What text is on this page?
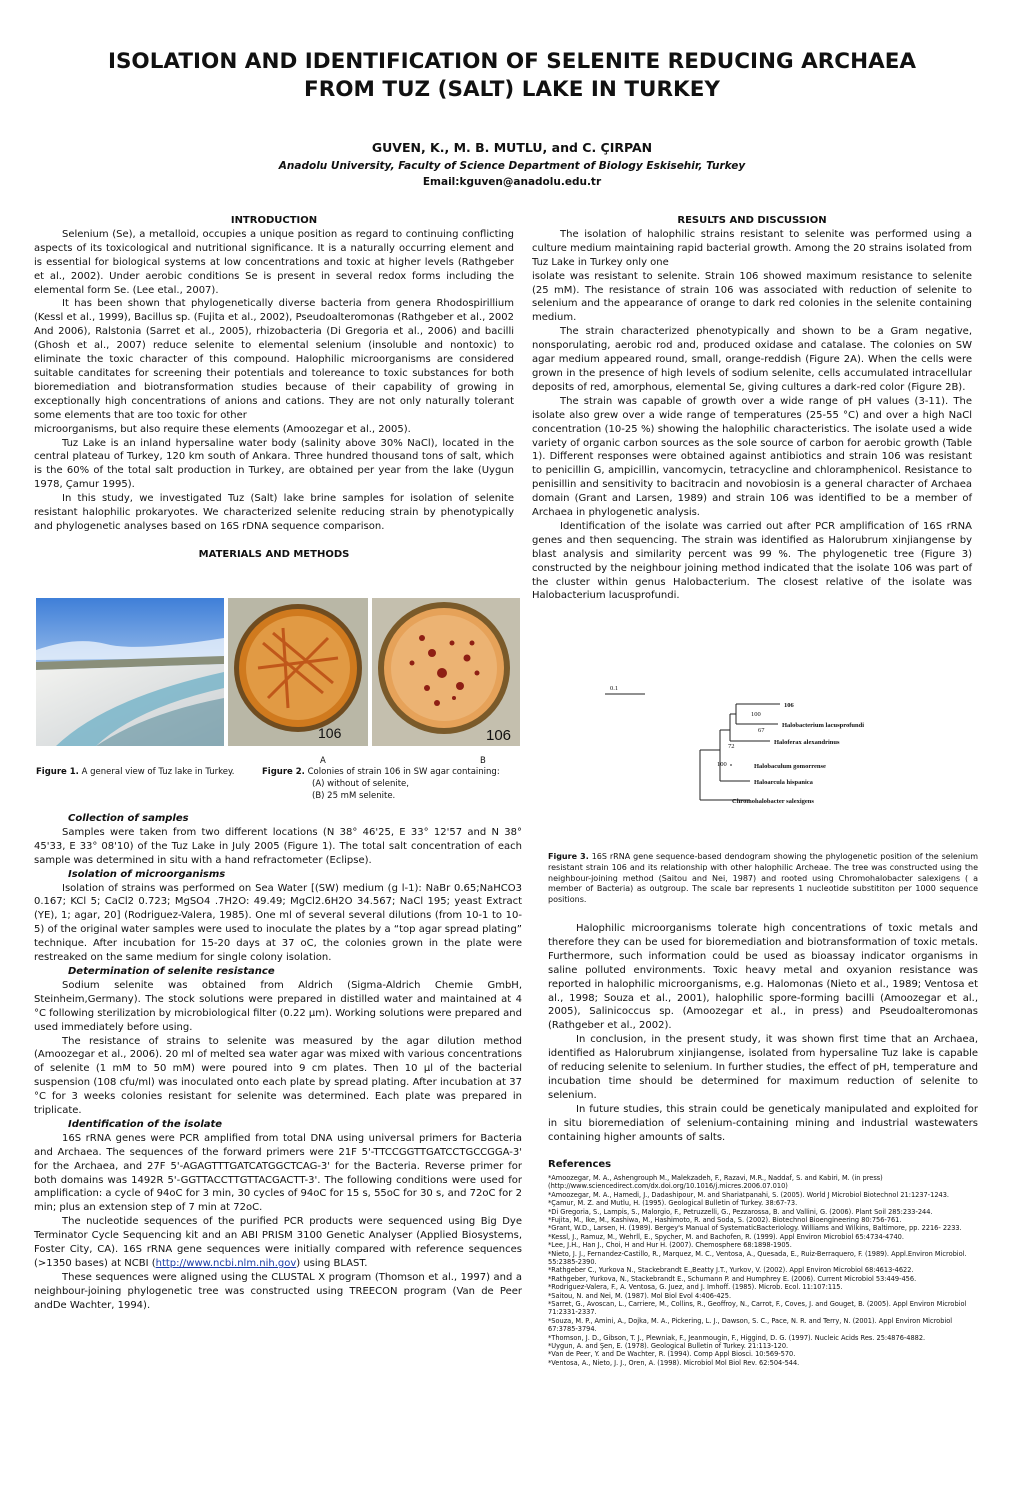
ISOLATION AND IDENTIFICATION OF SELENITE REDUCING ARCHAEA
FROM TUZ (SALT) LAKE IN TURKEY
GUVEN, K., M. B. MUTLU, and C. ÇIRPAN
Anadolu University, Faculty of Science Department of Biology Eskisehir, Turkey
Email:kguven@anadolu.edu.tr

INTRODUCTION

Selenium (Se), a metalloid, occupies a unique position as regard to continuing conflicting aspects of its toxicological and nutritional significance. It is a naturally occurring element and is essential for biological systems at low concentrations and toxic at higher levels (Rathgeber et al., 2002). Under aerobic conditions Se is present in several redox forms including the elemental form Se. (Lee etal., 2007).

It has been shown that phylogenetically diverse bacteria from genera Rhodospirillium (Kessl et al., 1999), Bacillus sp. (Fujita et al., 2002), Pseudoalteromonas (Rathgeber et al., 2002 And 2006), Ralstonia (Sarret et al., 2005), rhizobacteria (Di Gregoria et al., 2006) and bacilli (Ghosh et al., 2007) reduce selenite to elemental selenium (insoluble and nontoxic) to eliminate the toxic character of this compound. Halophilic microorganisms are considered suitable canditates for screening their potentials and tolereance to toxic substances for both bioremediation and biotransformation studies because of their capability of growing in exceptionally high concentrations of anions and cations. They are not only naturally tolerant some elements that are too toxic for other

microorganisms, but also require these elements (Amoozegar et al., 2005).

Tuz Lake is an inland hypersaline water body (salinity above 30% NaCl), located in the central plateau of Turkey, 120 km south of Ankara. Three hundred thousand tons of salt, which is the 60% of the total salt production in Turkey, are obtained per year from the lake (Uygun 1978, Çamur 1995).

In this study, we investigated Tuz (Salt) lake brine samples for isolation of selenite resistant halophilic prokaryotes. We characterized selenite reducing strain by phenotypically and phylogenetic analyses based on 16S rDNA sequence comparison.

MATERIALS AND METHODS

106	106
A	B
Figure 1. A general view of Tuz lake in Turkey.	Figure 2. Colonies of strain 106 in SW agar containing:
(A) without of selenite,
(B) 25 mM selenite.

Collection of samples

Samples were taken from two different locations (N 38° 46'25, E 33° 12'57 and N 38° 45'33, E 33° 08'10) of the Tuz Lake in July 2005 (Figure 1). The total salt concentration of each sample was determined in situ with a hand refractometer (Eclipse).

Isolation of microorganisms

Isolation of strains was performed on Sea Water [(SW) medium (g l-1): NaBr 0.65;NaHCO3 0.167; KCl 5; CaCl2 0.723; MgSO4 .7H2O: 49.49; MgCl2.6H2O 34.567; NaCl 195; yeast Extract (YE), 1; agar, 20] (Rodriguez-Valera, 1985). One ml of several several dilutions (from 10-1 to 10-5) of the original water samples were used to inoculate the plates by a “top agar spread plating” technique. After incubation for 15-20 days at 37 oC, the colonies grown in the plate were restreaked on the same medium for single colony isolation.

Determination of selenite resistance

Sodium selenite was obtained from Aldrich (Sigma-Aldrich Chemie GmbH, Steinheim,Germany). The stock solutions were prepared in distilled water and maintained at 4 °C following sterilization by microbiological filter (0.22 µm). Working solutions were prepared and used immediately before using.

The resistance of strains to selenite was measured by the agar dilution method (Amoozegar et al., 2006). 20 ml of melted sea water agar was mixed with various concentrations of selenite (1 mM to 50 mM) were poured into 9 cm plates. Then 10 µl of the bacterial suspension (108 cfu/ml) was inoculated onto each plate by spread plating. After incubation at 37 °C for 3 weeks colonies resistant for selenite was determined. Each plate was prepared in triplicate.

Identification of the isolate

16S rRNA genes were PCR amplified from total DNA using universal primers for Bacteria and Archaea. The sequences of the forward primers were 21F 5'-TTCCGGTTGATCCTGCCGGA-3' for the Archaea, and 27F 5'-AGAGTTTGATCATGGCTCAG-3' for the Bacteria. Reverse primer for both domains was 1492R 5'-GGTTACCTTGTTACGACTT-3'. The following conditions were used for amplification: a cycle of 94oC for 3 min, 30 cycles of 94oC for 15 s, 55oC for 30 s, and 72oC for 2 min; plus an extension step of 7 min at 72oC.

The nucleotide sequences of the purified PCR products were sequenced using Big Dye Terminator Cycle Sequencing kit and an ABI PRISM 3100 Genetic Analyser (Applied Biosystems, Foster City, CA). 16S rRNA gene sequences were initially compared with reference sequences (>1350 bases) at NCBI (http://www.ncbi.nlm.nih.gov) using BLAST.

These sequences were aligned using the CLUSTAL X program (Thomson et al., 1997) and a neighbour-joining phylogenetic tree was constructed using TREECON program (Van de Peer andDe Wachter, 1994).

RESULTS AND DISCUSSION

The isolation of halophilic strains resistant to selenite was performed using a culture medium maintaining rapid bacterial growth. Among the 20 strains isolated from Tuz Lake in Turkey only one

isolate was resistant to selenite. Strain 106 showed maximum resistance to selenite (25 mM). The resistance of strain 106 was associated with reduction of selenite to selenium and the appearance of orange to dark red colonies in the selenite containing medium.

The strain characterized phenotypically and shown to be a Gram negative, nonsporulating, aerobic rod and, produced oxidase and catalase. The colonies on SW agar medium appeared round, small, orange-reddish (Figure 2A). When the cells were grown in the presence of high levels of sodium selenite, cells accumulated intracellular deposits of red, amorphous, elemental Se, giving cultures a dark-red color (Figure 2B).

The strain was capable of growth over a wide range of pH values (3-11). The isolate also grew over a wide range of temperatures (25-55 °C) and over a high NaCl concentration (10-25 %) showing the halophilic characteristics. The isolate used a wide variety of organic carbon sources as the sole source of carbon for aerobic growth (Table 1). Different responses were obtained against antibiotics and strain 106 was resistant to penicillin G, ampicillin, vancomycin, tetracycline and chloramphenicol. Resistance to penisillin and sensitivity to bacitracin and novobiosin is a general character of Archaea domain (Grant and Larsen, 1989) and strain 106 was identified to be a member of Archaea in phylogenetic analysis.

Identification of the isolate was carried out after PCR amplification of 16S rRNA genes and then sequencing. The strain was identified as Halorubrum xinjiangense by blast analysis and similarity percent was 99 %. The phylogenetic tree (Figure 3) constructed by the neighbour joining method indicated that the isolate 106 was part of the cluster within genus Halobacterium. The closest relative of the isolate was Halobacterium lacusprofundi.

0.1
100
67
72
100
106
Halobacterium lacusprofundi
Haloferax alexandrinus
Halobaculum gomorrense
Haloarcula hispanica
Chromohalobacter salexigens

Figure 3. 16S rRNA gene sequence-based dendogram showing the phylogenetic position of the selenium resistant strain 106 and its relationship with other halophilic Archeae. The tree was constructed using the neighbour-joining method (Saitou and Nei, 1987) and rooted using Chromohalobacter salexigens ( a member of Bacteria) as outgroup. The scale bar represents 1 nucleotide substititon per 1000 sequence positions.

Halophilic microorganisms tolerate high concentrations of toxic metals and therefore they can be used for bioremediation and biotransformation of toxic metals. Furthermore, such information could be used as bioassay indicator organisms in saline polluted environments. Toxic heavy metal and oxyanion resistance was reported in halophilic microorganisms, e.g. Halomonas (Nieto et al., 1989; Ventosa et al., 1998; Souza et al., 2001), halophilic spore-forming bacilli (Amoozegar et al., 2005), Salinicoccus sp. (Amoozegar et al., in press) and Pseudoalteromonas (Rathgeber et al., 2002).

In conclusion, in the present study, it was shown first time that an Archaea, identified as Halorubrum xinjiangense, isolated from hypersaline Tuz lake is capable of reducing selenite to selenium. In further studies, the effect of pH, temperature and incubation time should be determined for maximum reduction of selenite to selenium.

In future studies, this strain could be geneticaly manipulated and exploited for in situ bioremediation of selenium-containing mining and industrial wastewaters containing higher amounts of salts.

References

*Amoozegar, M. A., Ashengrouph M., Malekzadeh, F., Razavi, M.R., Naddaf, S. and Kabiri, M. (in press) (http://www.sciencedirect.com/dx.doi.org/10.1016/j.micres.2006.07.010)

*Amoozegar, M. A., Hamedi, J., Dadashipour, M. and Shariatpanahi, S. (2005). World J Microbiol Biotechnol 21:1237-1243.

*Çamur, M. Z. and Mutlu, H. (1995). Geological Bulletin of Turkey. 38:67-73.

*Di Gregoria, S., Lampis, S., Malorgio, F., Petruzzelli, G., Pezzarossa, B. and Vallini, G. (2006). Plant Soil 285:233-244.

*Fujita, M., Ike, M., Kashiwa, M., Hashimoto, R. and Soda, S. (2002). Biotechnol Bioengineering 80:756-761.

*Grant, W.D., Larsen, H. (1989). Bergey's Manual of SystematicBacteriology. Williams and Wilkins, Baltimore, pp. 2216- 2233.

*Kessl, J., Ramuz, M., Wehrll, E., Spycher, M. and Bachofen, R. (1999). Appl Environ Microbiol 65:4734-4740.

*Lee, J.H., Han J., Choi, H and Hur H. (2007). Chemosphere 68:1898-1905.

*Nieto, J. J., Fernandez-Castillo, R., Marquez, M. C., Ventosa, A., Quesada, E., Ruiz-Berraquero, F. (1989). Appl.Environ Microbiol. 55:2385-2390.

*Rathgeber C., Yurkova N., Stackebrandt E.,Beatty J.T., Yurkov, V. (2002). Appl Environ Microbiol 68:4613-4622.

*Rathgeber, Yurkova, N., Stackebrandt E., Schumann P. and Humphrey E. (2006). Current Microbiol 53:449-456.

*Rodriguez-Valera, F., A. Ventosa, G. Juez, and J. Imhoff. (1985). Microb. Ecol. 11:107:115.

*Saitou, N. and Nei, M. (1987). Mol Biol Evol 4:406-425.

*Sarret, G., Avoscan, L., Carriere, M., Collins, R., Geoffroy, N., Carrot, F., Coves, J. and Gouget, B. (2005). Appl Environ Microbiol 71:2331-2337.

*Souza, M. P., Amini, A., Dojka, M. A., Pickering, L. J., Dawson, S. C., Pace, N. R. and Terry, N. (2001). Appl Environ Microbiol 67:3785-3794.

*Thomson, J. D., Gibson, T. J., Plewniak, F., Jeanmougin, F., Higgind, D. G. (1997). Nucleic Acids Res. 25:4876-4882.

*Uygun, A. and Şen, E. (1978). Geological Bulletin of Turkey. 21:113-120.

*Van de Peer, Y. and De Wachter, R. (1994). Comp Appl Biosci. 10:569-570.

*Ventosa, A., Nieto, J. J., Oren, A. (1998). Microbiol Mol Biol Rev. 62:504-544.
